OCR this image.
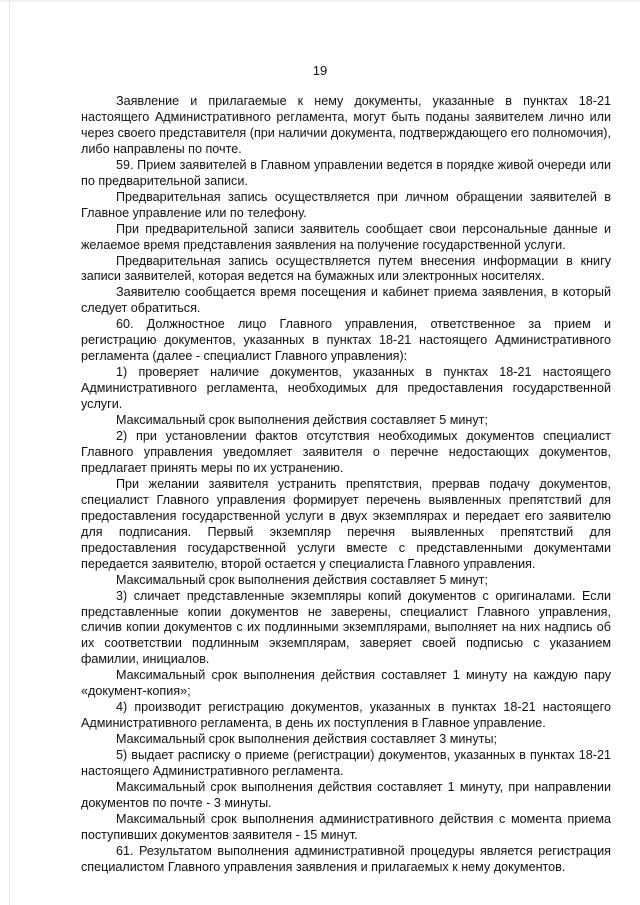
19

Заявление и прилагаемые к нему документы, указанные в пунктах 18-21 настоящего Административного регламента, могут быть поданы заявителем лично или через своего представителя (при наличии документа, подтверждающего его полномочия), либо направлены по почте.

59. Прием заявителей в Главном управлении ведется в порядке живой очереди или по предварительной записи.

Предварительная запись осуществляется при личном обращении заявителей в Главное управление или по телефону.

При предварительной записи заявитель сообщает свои персональные данные и желаемое время представления заявления на получение государственной услуги.

Предварительная запись осуществляется путем внесения информации в книгу записи заявителей, которая ведется на бумажных или электронных носителях.

Заявителю сообщается время посещения и кабинет приема заявления, в который следует обратиться.

60. Должностное лицо Главного управления, ответственное за прием и регистрацию документов, указанных в пунктах 18-21 настоящего Административного регламента (далее - специалист Главного управления):

1) проверяет наличие документов, указанных в пунктах 18-21 настоящего Административного регламента, необходимых для предоставления государственной услуги.

Максимальный срок выполнения действия составляет 5 минут;

2) при установлении фактов отсутствия необходимых документов специалист Главного управления уведомляет заявителя о перечне недостающих документов, предлагает принять меры по их устранению.

При желании заявителя устранить препятствия, прервав подачу документов, специалист Главного управления формирует перечень выявленных препятствий для предоставления государственной услуги в двух экземплярах и передает его заявителю для подписания. Первый экземпляр перечня выявленных препятствий для предоставления государственной услуги вместе с представленными документами передается заявителю, второй остается у специалиста Главного управления.

Максимальный срок выполнения действия составляет 5 минут;

3) сличает представленные экземпляры копий документов с оригиналами. Если представленные копии документов не заверены, специалист Главного управления, сличив копии документов с их подлинными экземплярами, выполняет на них надпись об их соответствии подлинным экземплярам, заверяет своей подписью с указанием фамилии, инициалов.

Максимальный срок выполнения действия составляет 1 минуту на каждую пару «документ-копия»;

4) производит регистрацию документов, указанных в пунктах 18-21 настоящего Административного регламента, в день их поступления в Главное управление.

Максимальный срок выполнения действия составляет 3 минуты;

5) выдает расписку о приеме (регистрации) документов, указанных в пунктах 18-21 настоящего Административного регламента.

Максимальный срок выполнения действия составляет 1 минуту, при направлении документов по почте - 3 минуты.

Максимальный срок выполнения административного действия с момента приема поступивших документов заявителя - 15 минут.

61. Результатом выполнения административной процедуры является регистрация специалистом Главного управления заявления и прилагаемых к нему документов.
